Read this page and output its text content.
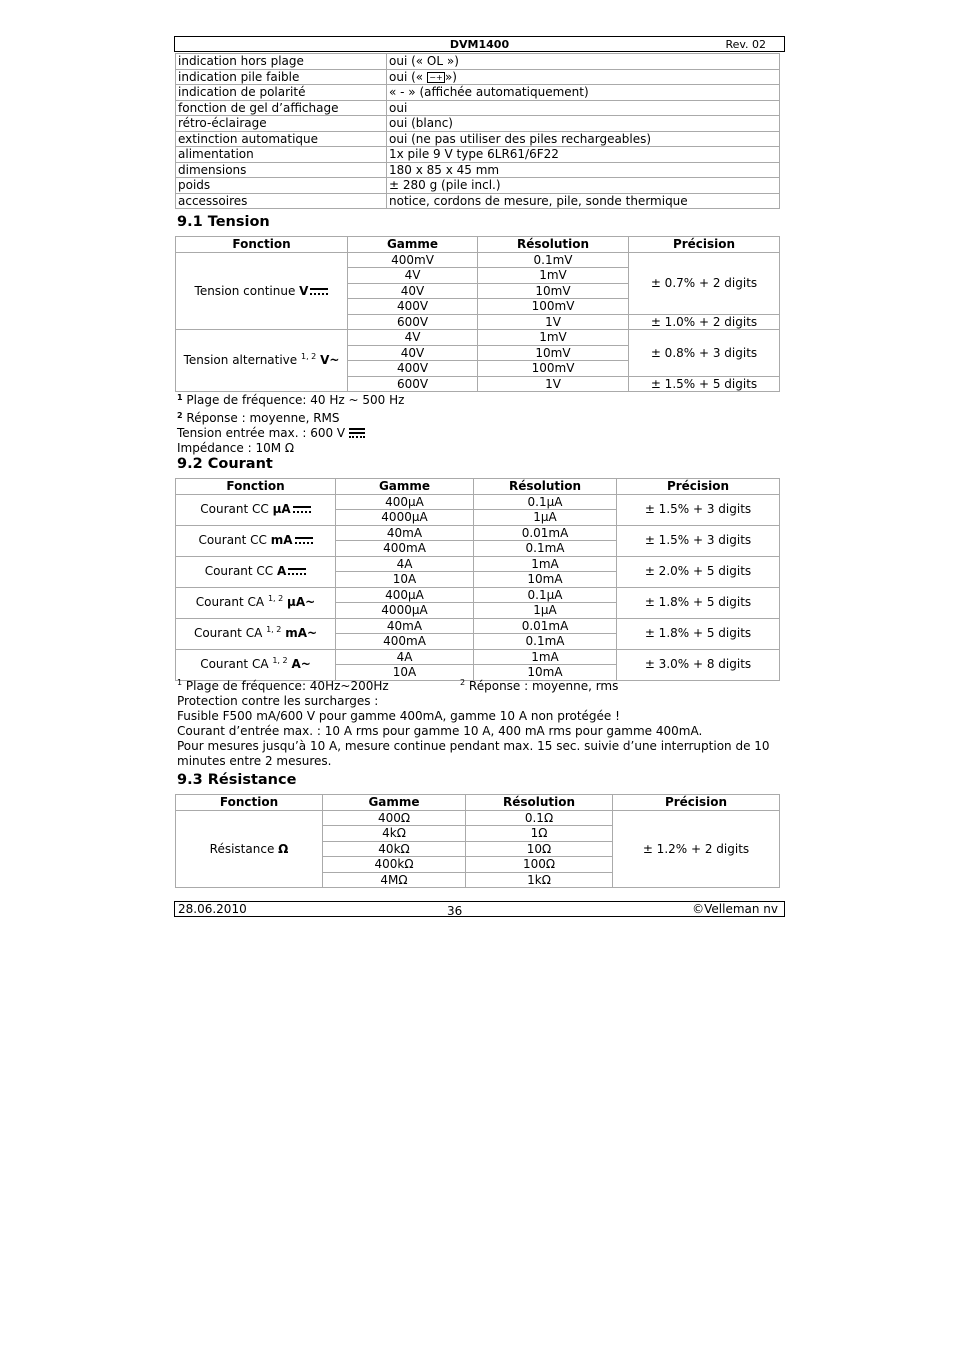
DVM1400	Rev. 02
indication hors plage	oui (« OL »)
indication pile faible	oui (« −+ »)
indication de polarité	« - » (affichée automatiquement)
fonction de gel d’affichage	oui
rétro-éclairage	oui (blanc)
extinction automatique	oui (ne pas utiliser des piles rechargeables)
alimentation	1x pile 9 V type 6LR61/6F22
dimensions	180 x 85 x 45 mm
poids	± 280 g (pile incl.)
accessoires	notice, cordons de mesure, pile, sonde thermique
9.1 Tension
Fonction	Gamme	Résolution	Précision
Tension continue V	400mV	0.1mV	± 0.7% + 2 digits
	4V	1mV	
	40V	10mV	
	400V	100mV	
	600V	1V	± 1.0% + 2 digits
Tension alternative $^{1, 2}$ V~	4V	1mV	± 0.8% + 3 digits
	40V	10mV	
	400V	100mV	
	600V	1V	± 1.5% + 5 digits
$^1$ Plage de fréquence: 40 Hz ~ 500 Hz
$^2$ Réponse : moyenne, RMS
Tension entrée max. : 600 V
Impédance : 10M Ω
9.2 Courant
Fonction	Gamme	Résolution	Précision
Courant CC µA	400µA	0.1µA	± 1.5% + 3 digits
	4000µA	1µA	
Courant CC mA	40mA	0.01mA	± 1.5% + 3 digits
	400mA	0.1mA	
Courant CC A	4A	1mA	± 2.0% + 5 digits
	10A	10mA	
Courant CA $^{1, 2}$ µA~	400µA	0.1µA	± 1.8% + 5 digits
	4000µA	1µA	
Courant CA $^{1, 2}$ mA~	40mA	0.01mA	± 1.8% + 5 digits
	400mA	0.1mA	
Courant CA $^{1, 2}$ A~	4A	1mA	± 3.0% + 8 digits
	10A	10mA	
$^1$ Plage de fréquence: 40Hz~200Hz	$^2$ Réponse : moyenne, rms
Protection contre les surcharges :
Fusible F500 mA/600 V pour gamme 400mA, gamme 10 A non protégée !
Courant d’entrée max. : 10 A rms pour gamme 10 A, 400 mA rms pour gamme 400mA.
Pour mesures jusqu’à 10 A, mesure continue pendant max. 15 sec. suivie d’une interruption de 10
minutes entre 2 mesures.
9.3 Résistance
Fonction	Gamme	Résolution	Précision
Résistance Ω	400Ω	0.1Ω	± 1.2% + 2 digits
	4kΩ	1Ω	
	40kΩ	10Ω	
	400kΩ	100Ω	
	4MΩ	1kΩ	
28.06.2010	36	©Velleman nv
